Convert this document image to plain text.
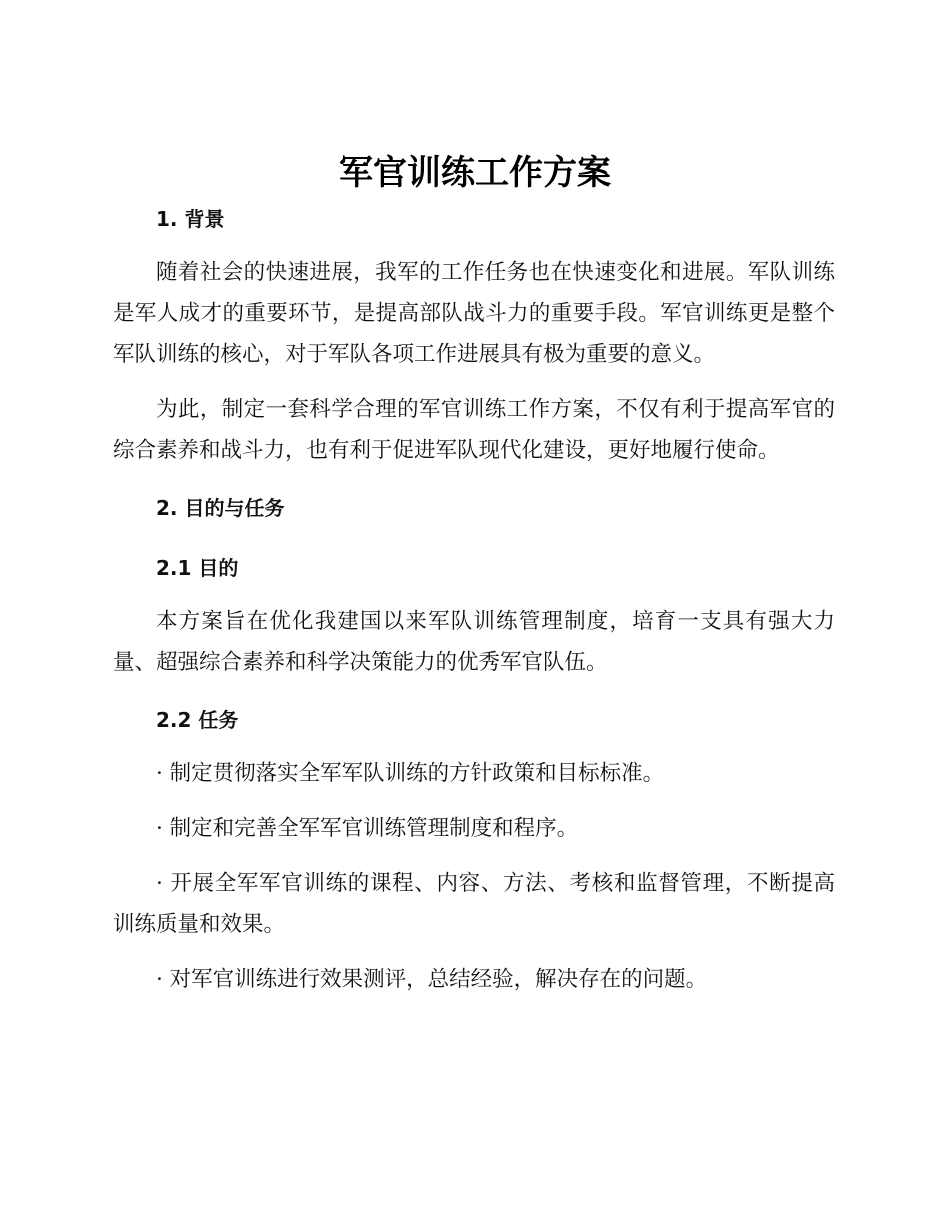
军官训练工作方案
1. 背景

随着社会的快速进展，我军的工作任务也在快速变化和进展。军队训练是军人成才的重要环节，是提高部队战斗力的重要手段。军官训练更是整个军队训练的核心，对于军队各项工作进展具有极为重要的意义。

为此，制定一套科学合理的军官训练工作方案，不仅有利于提高军官的综合素养和战斗力，也有利于促进军队现代化建设，更好地履行使命。

2. 目的与任务
2.1 目的

本方案旨在优化我建国以来军队训练管理制度，培育一支具有强大力量、超强综合素养和科学决策能力的优秀军官队伍。

2.2 任务

· 制定贯彻落实全军军队训练的方针政策和目标标准。

· 制定和完善全军军官训练管理制度和程序。

· 开展全军军官训练的课程、内容、方法、考核和监督管理，不断提高训练质量和效果。

· 对军官训练进行效果测评，总结经验，解决存在的问题。
